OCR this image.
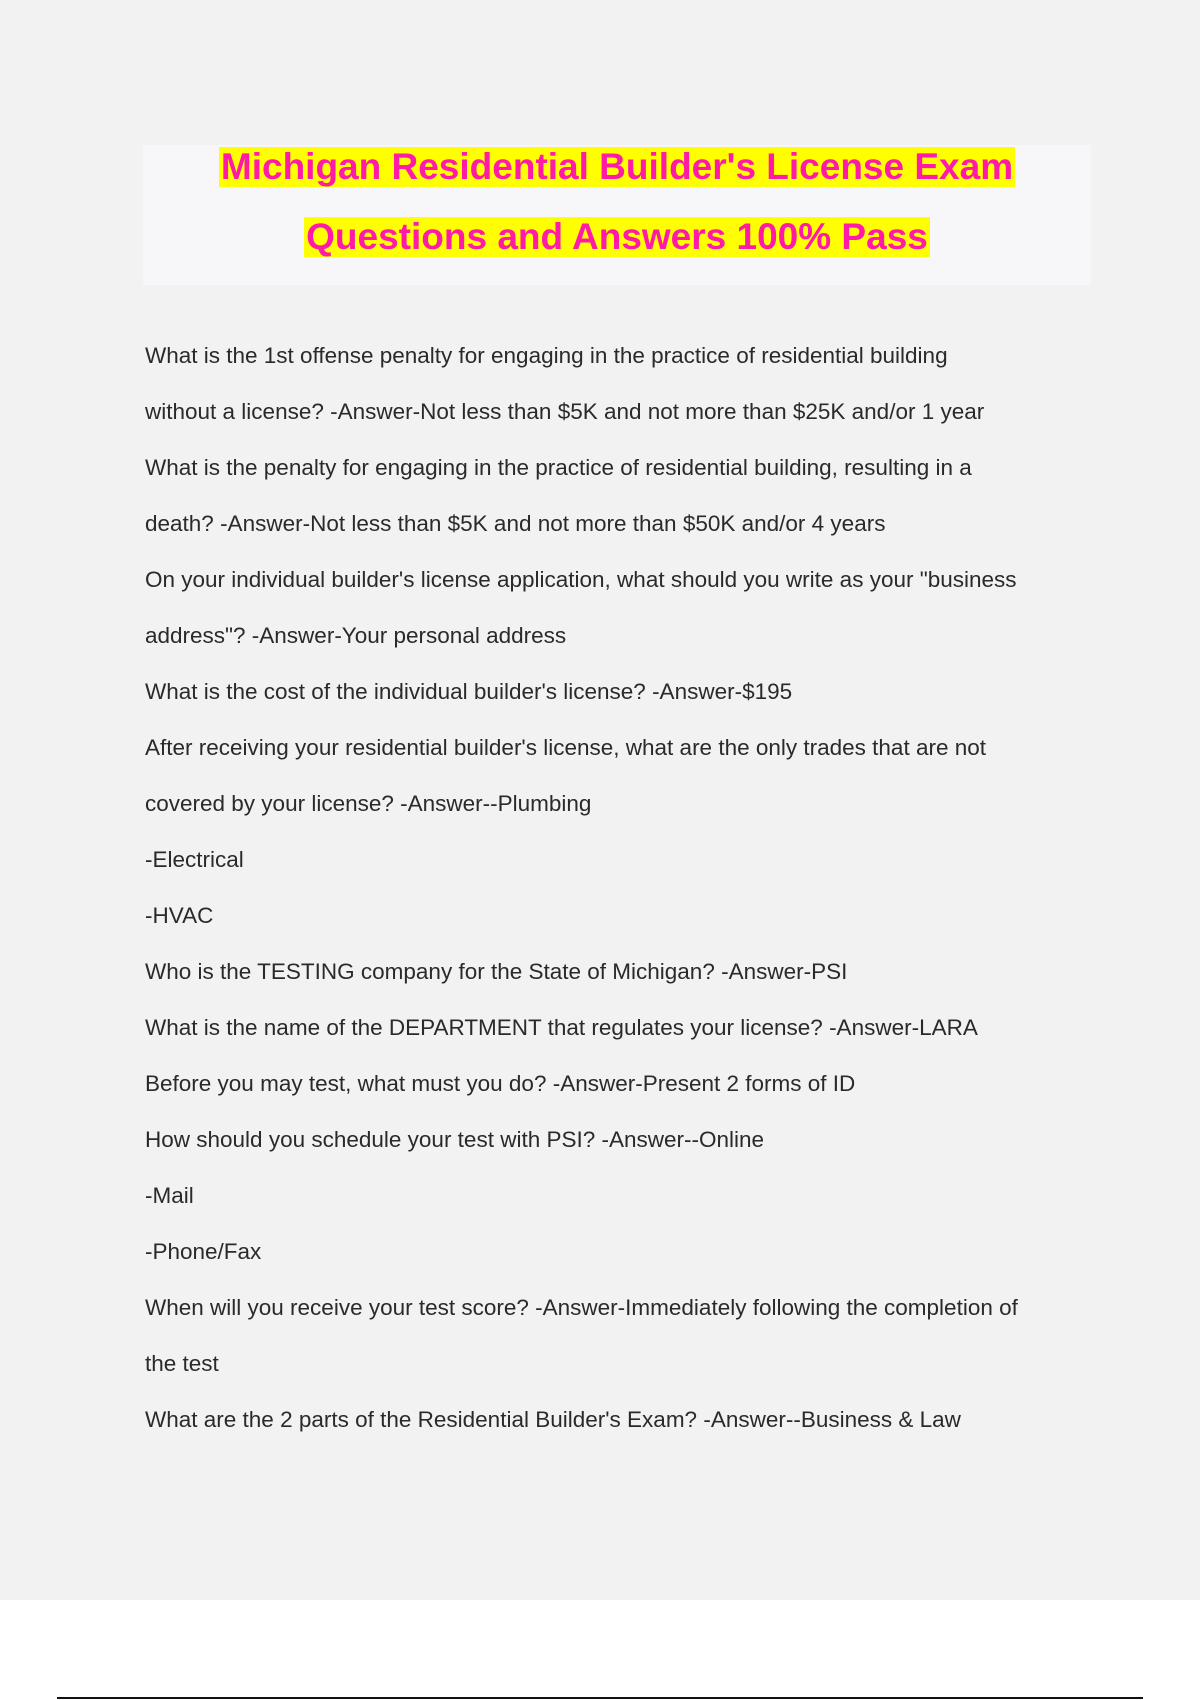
Michigan Residential Builder's License Exam
Questions and Answers 100% Pass
What is the 1st offense penalty for engaging in the practice of residential building
without a license? -Answer-Not less than $5K and not more than $25K and/or 1 year
What is the penalty for engaging in the practice of residential building, resulting in a
death? -Answer-Not less than $5K and not more than $50K and/or 4 years
On your individual builder's license application, what should you write as your "business
address"? -Answer-Your personal address
What is the cost of the individual builder's license? -Answer-$195
After receiving your residential builder's license, what are the only trades that are not
covered by your license? -Answer--Plumbing
-Electrical
-HVAC
Who is the TESTING company for the State of Michigan? -Answer-PSI
What is the name of the DEPARTMENT that regulates your license? -Answer-LARA
Before you may test, what must you do? -Answer-Present 2 forms of ID
How should you schedule your test with PSI? -Answer--Online
-Mail
-Phone/Fax
When will you receive your test score? -Answer-Immediately following the completion of
the test
What are the 2 parts of the Residential Builder's Exam? -Answer--Business & Law
